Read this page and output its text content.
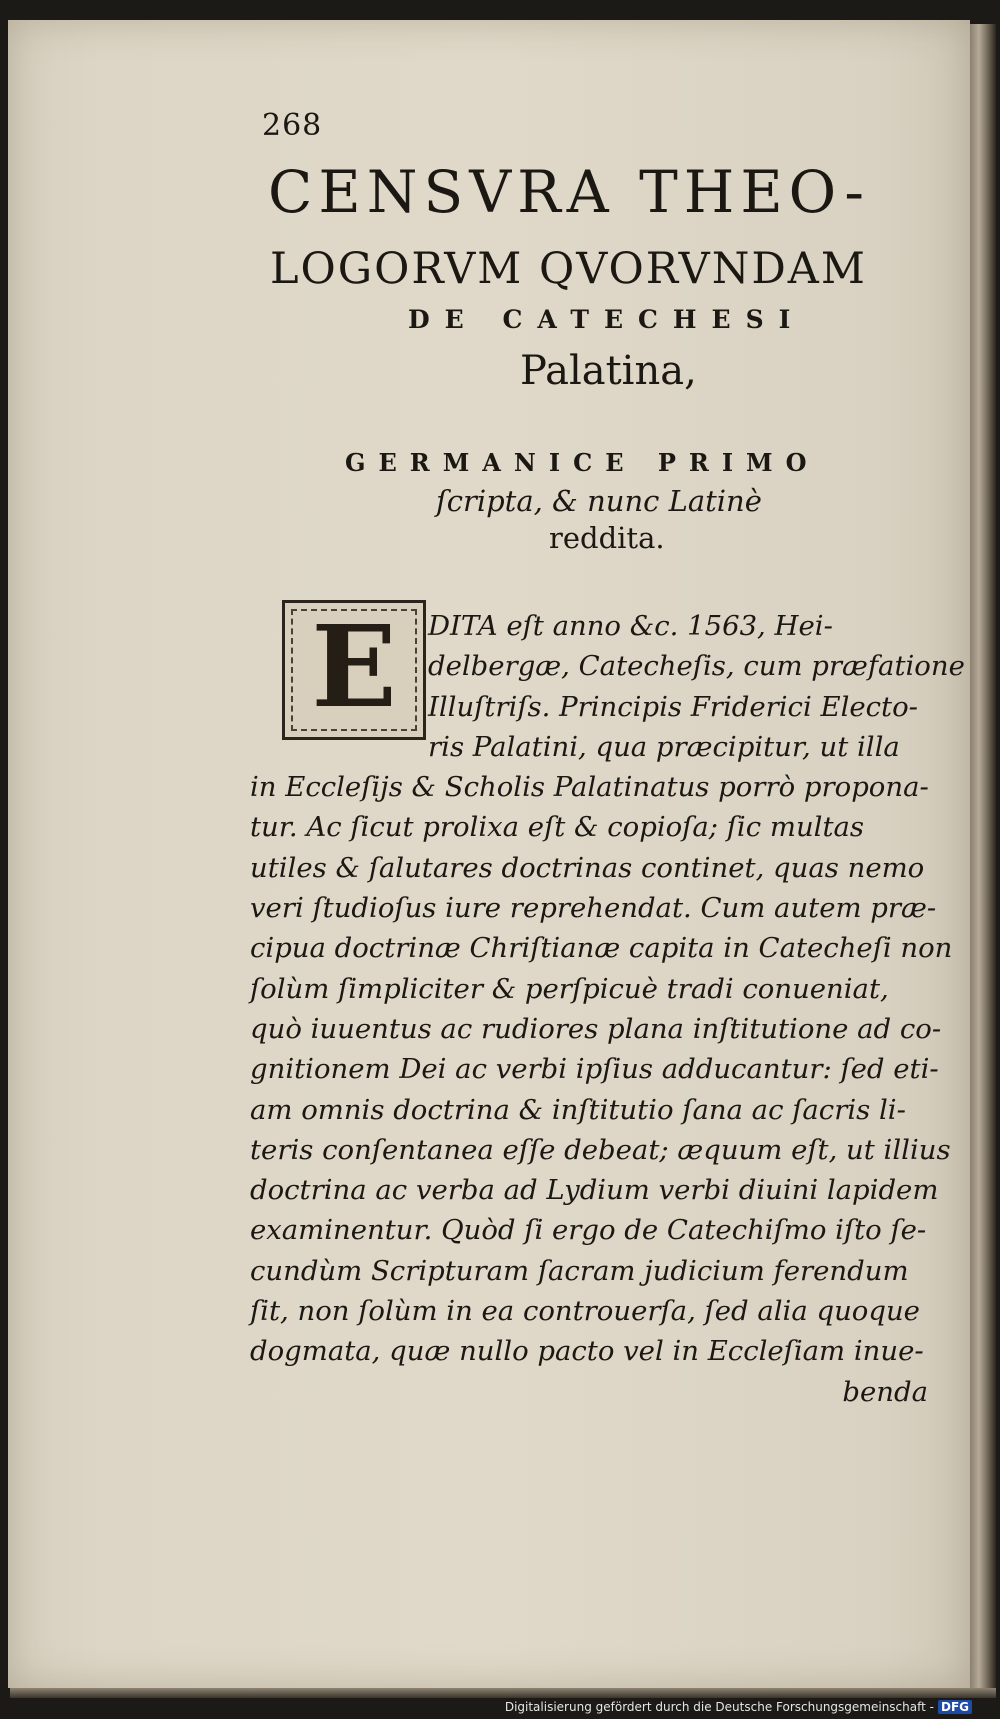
268
CENSVRA THEO-
LOGORVM QVORVNDAM
DE CATECHESI
Palatina,
GERMANICE PRIMO
ſcripta, & nunc Latinè
reddita.
E	DITA eſt anno &c. 1563, Hei-
delbergæ, Catecheſis, cum præfatione
Illuſtriſs. Principis Friderici Electo-
ris Palatini, qua præcipitur, ut illa
in Eccleſijs & Scholis Palatinatus porrò propona-
tur. Ac ſicut prolixa eſt & copioſa; ſic multas
utiles & ſalutares doctrinas continet, quas nemo
veri ſtudioſus iure reprehendat. Cum autem præ-
cipua doctrinæ Chriſtianæ capita in Catecheſi non
ſolùm ſimpliciter & perſpicuè tradi conueniat,
quò iuuentus ac rudiores plana inſtitutione ad co-
gnitionem Dei ac verbi ipſius adducantur: ſed eti-
am omnis doctrina & inſtitutio ſana ac ſacris li-
teris conſentanea eſſe debeat; æquum eſt, ut illius
doctrina ac verba ad Lydium verbi diuini lapidem
examinentur. Quòd ſi ergo de Catechiſmo iſto ſe-
cundùm Scripturam ſacram judicium ferendum
ſit, non ſolùm in ea controuerſa, ſed alia quoque
dogmata, quæ nullo pacto vel in Eccleſiam inue-
benda
Digitalisierung gefördert durch die Deutsche Forschungsgemeinschaft - DFG
